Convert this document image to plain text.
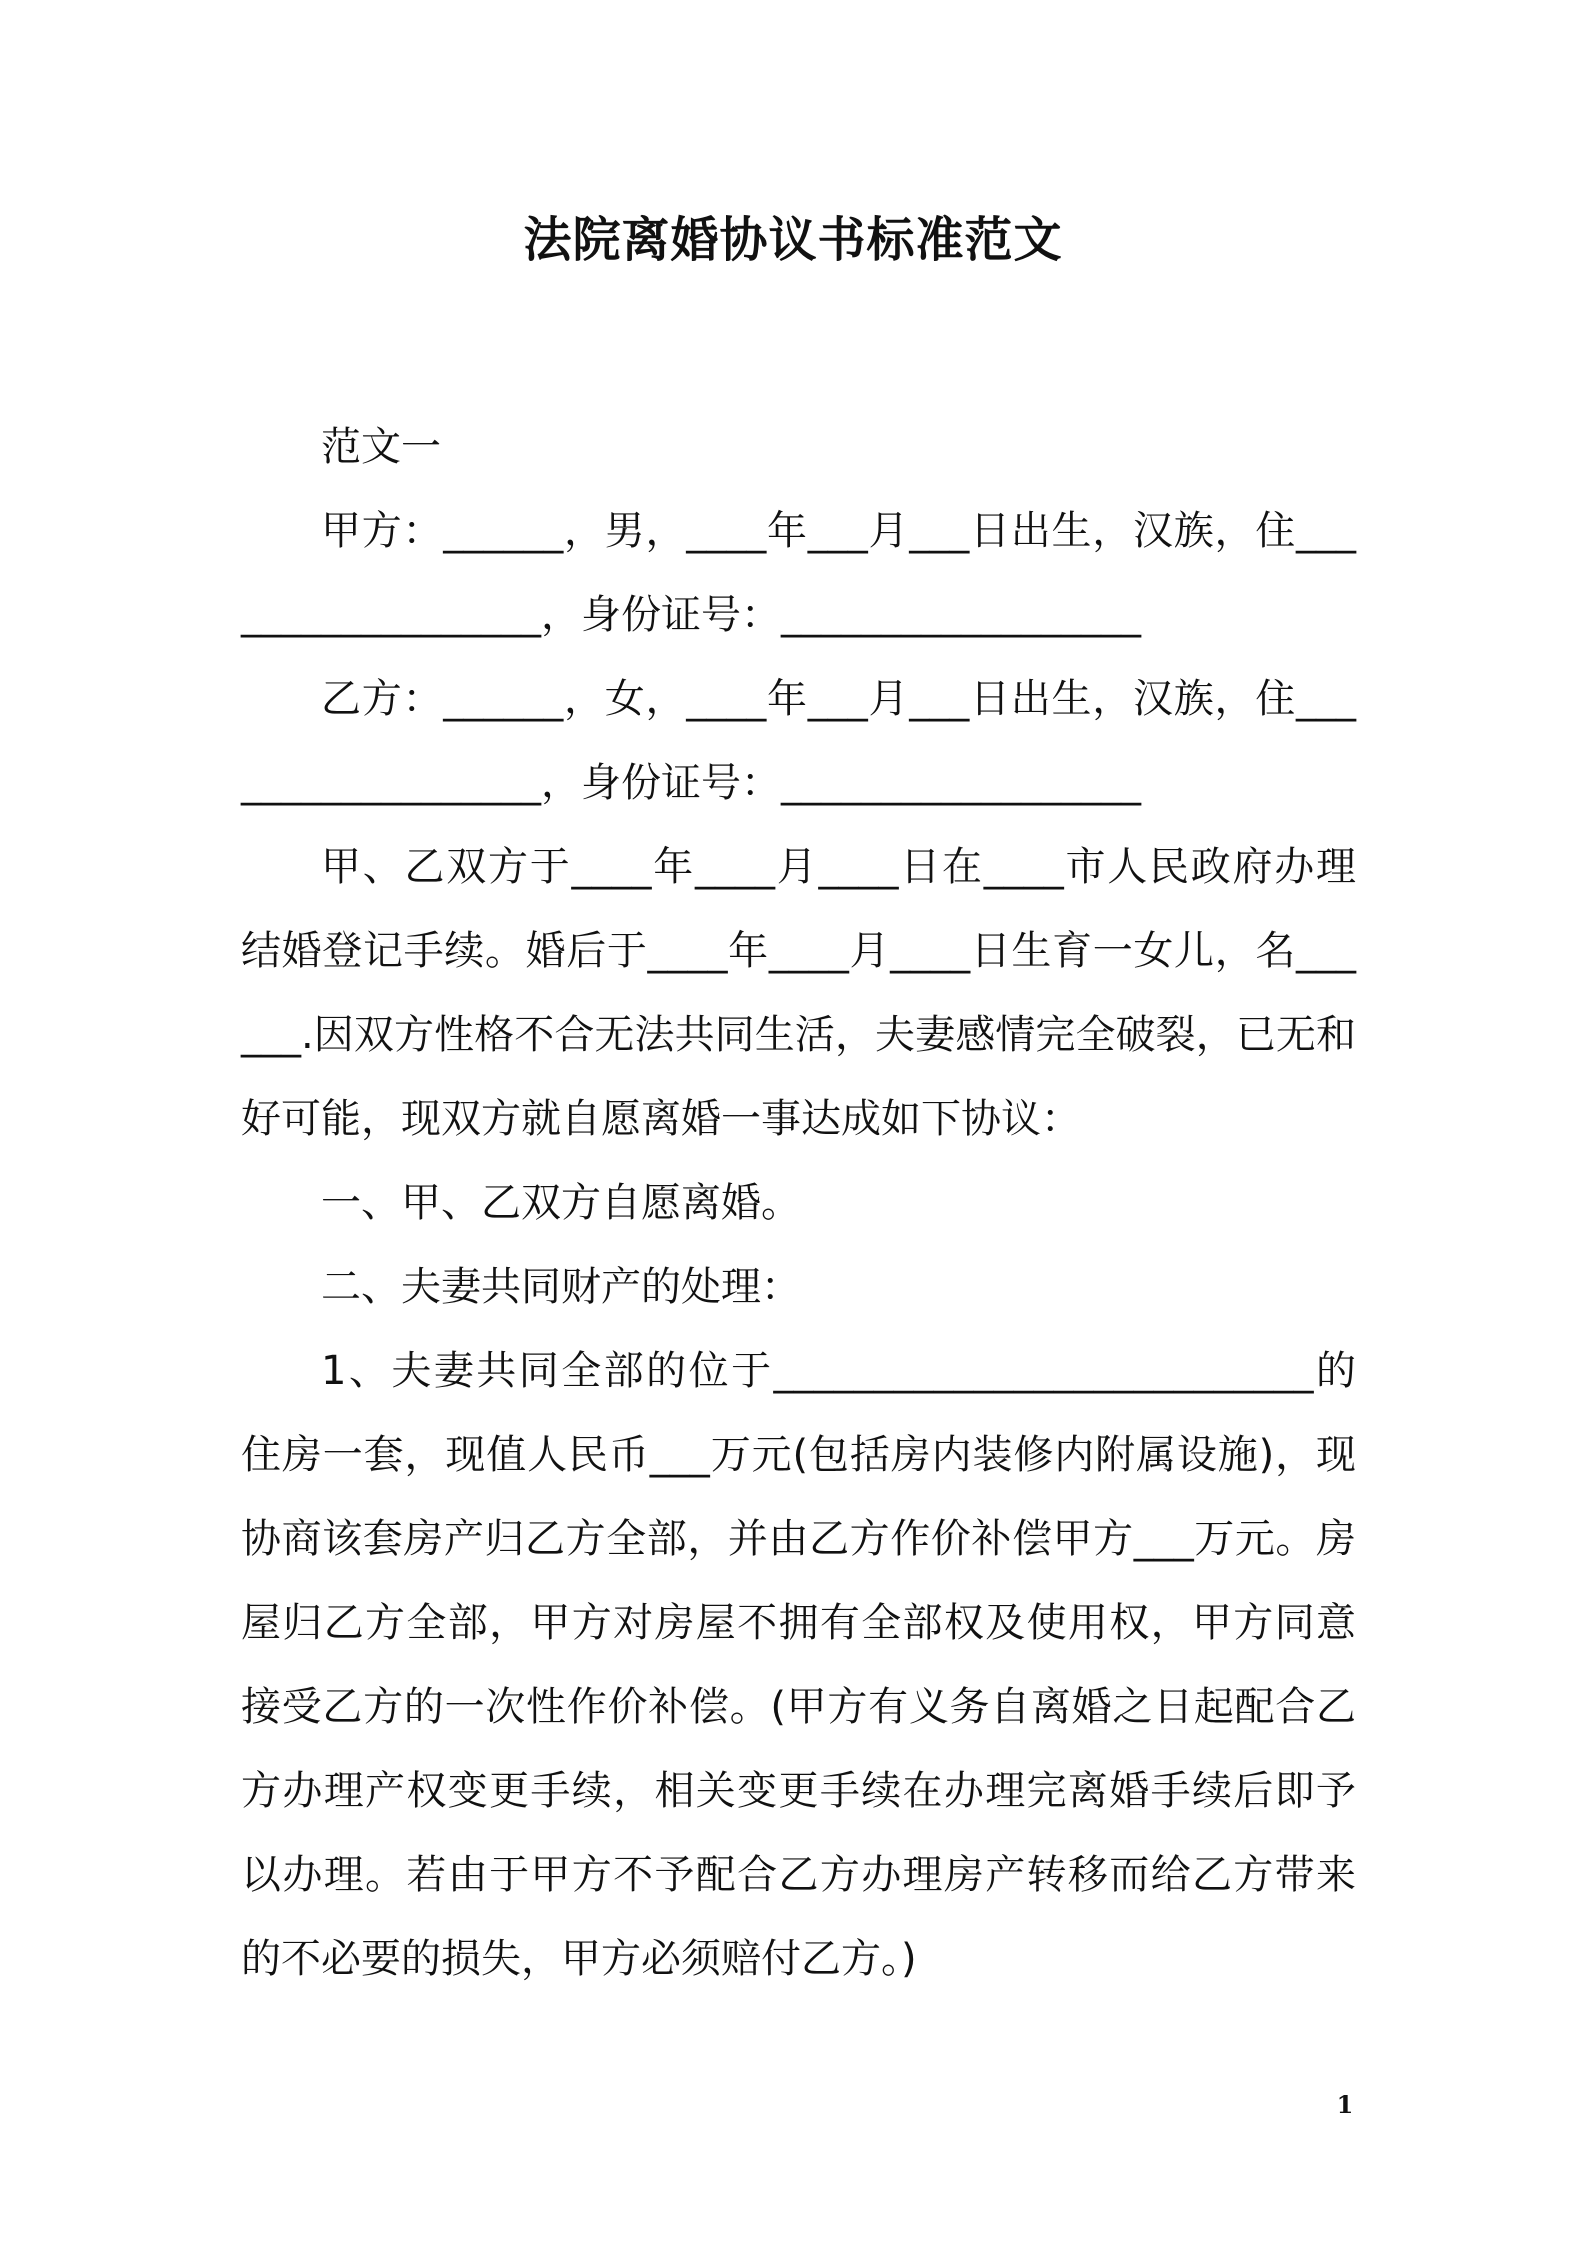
法院离婚协议书标准范文

范文一

甲方：______，男，____年___月___日出生，汉族，住__________________，身份证号：__________________

乙方：______，女，____年___月___日出生，汉族，住__________________，身份证号：__________________

甲、乙双方于____年____月____日在____市人民政府办理结婚登记手续。婚后于____年____月____日生育一女儿，名______.因双方性格不合无法共同生活，夫妻感情完全破裂，已无和好可能，现双方就自愿离婚一事达成如下协议：

一、甲、乙双方自愿离婚。

二、夫妻共同财产的处理：

1、夫妻共同全部的位于___________________________的住房一套，现值人民币___万元(包括房内装修内附属设施)，现协商该套房产归乙方全部，并由乙方作价补偿甲方___万元。房屋归乙方全部，甲方对房屋不拥有全部权及使用权，甲方同意接受乙方的一次性作价补偿。(甲方有义务自离婚之日起配合乙方办理产权变更手续，相关变更手续在办理完离婚手续后即予以办理。若由于甲方不予配合乙方办理房产转移而给乙方带来的不必要的损失，甲方必须赔付乙方。)

1
